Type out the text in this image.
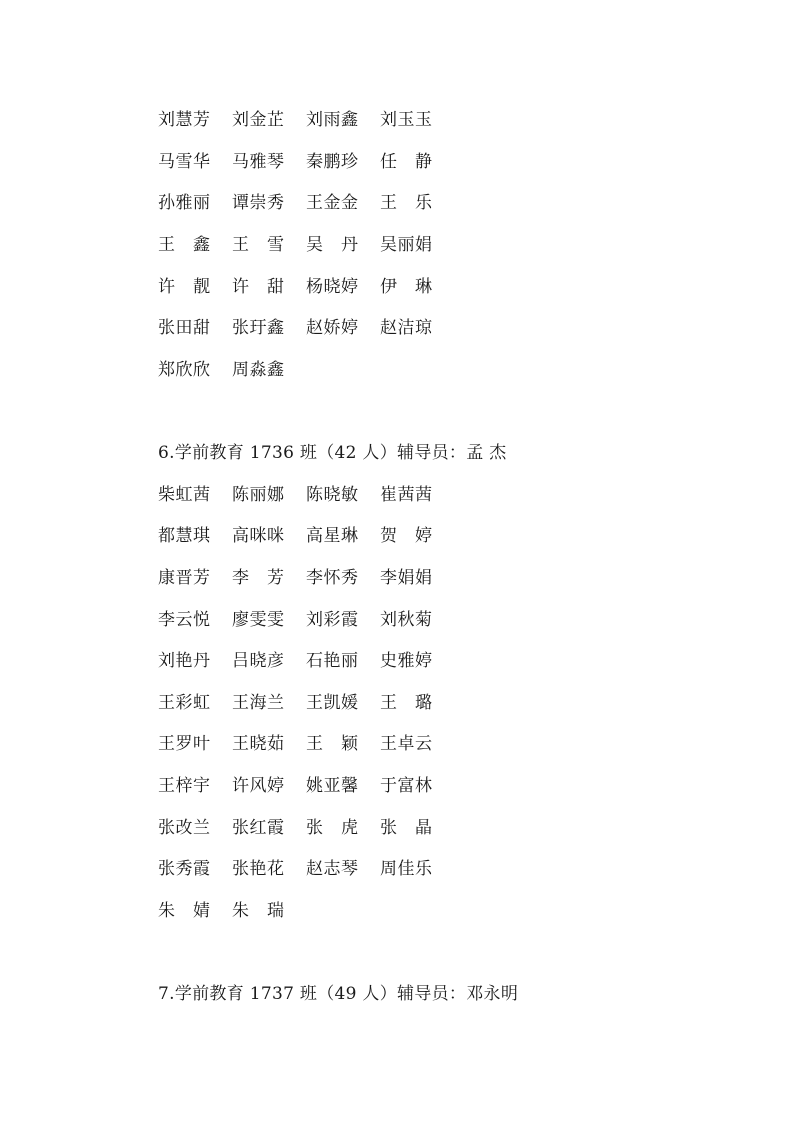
刘慧芳	刘金芷	刘雨鑫	刘玉玉
马雪华	马雅琴	秦鹏珍	任　静
孙雅丽	谭崇秀	王金金	王　乐
王　鑫	王　雪	吴　丹	吴丽娟
许　靓	许　甜	杨晓婷	伊　琳
张田甜	张玗鑫	赵娇婷	赵洁琼
郑欣欣	周淼鑫
6.学前教育 1736 班（42 人）辅导员：孟 杰
柴虹茜	陈丽娜	陈晓敏	崔茜茜
都慧琪	高咪咪	高星琳	贺　婷
康晋芳	李　芳	李怀秀	李娟娟
李云悦	廖雯雯	刘彩霞	刘秋菊
刘艳丹	吕晓彦	石艳丽	史雅婷
王彩虹	王海兰	王凯媛	王　璐
王罗叶	王晓茹	王　颖	王卓云
王梓宇	许风婷	姚亚馨	于富林
张改兰	张红霞	张　虎	张　晶
张秀霞	张艳花	赵志琴	周佳乐
朱　婧	朱　瑞
7.学前教育 1737 班（49 人）辅导员：邓永明
